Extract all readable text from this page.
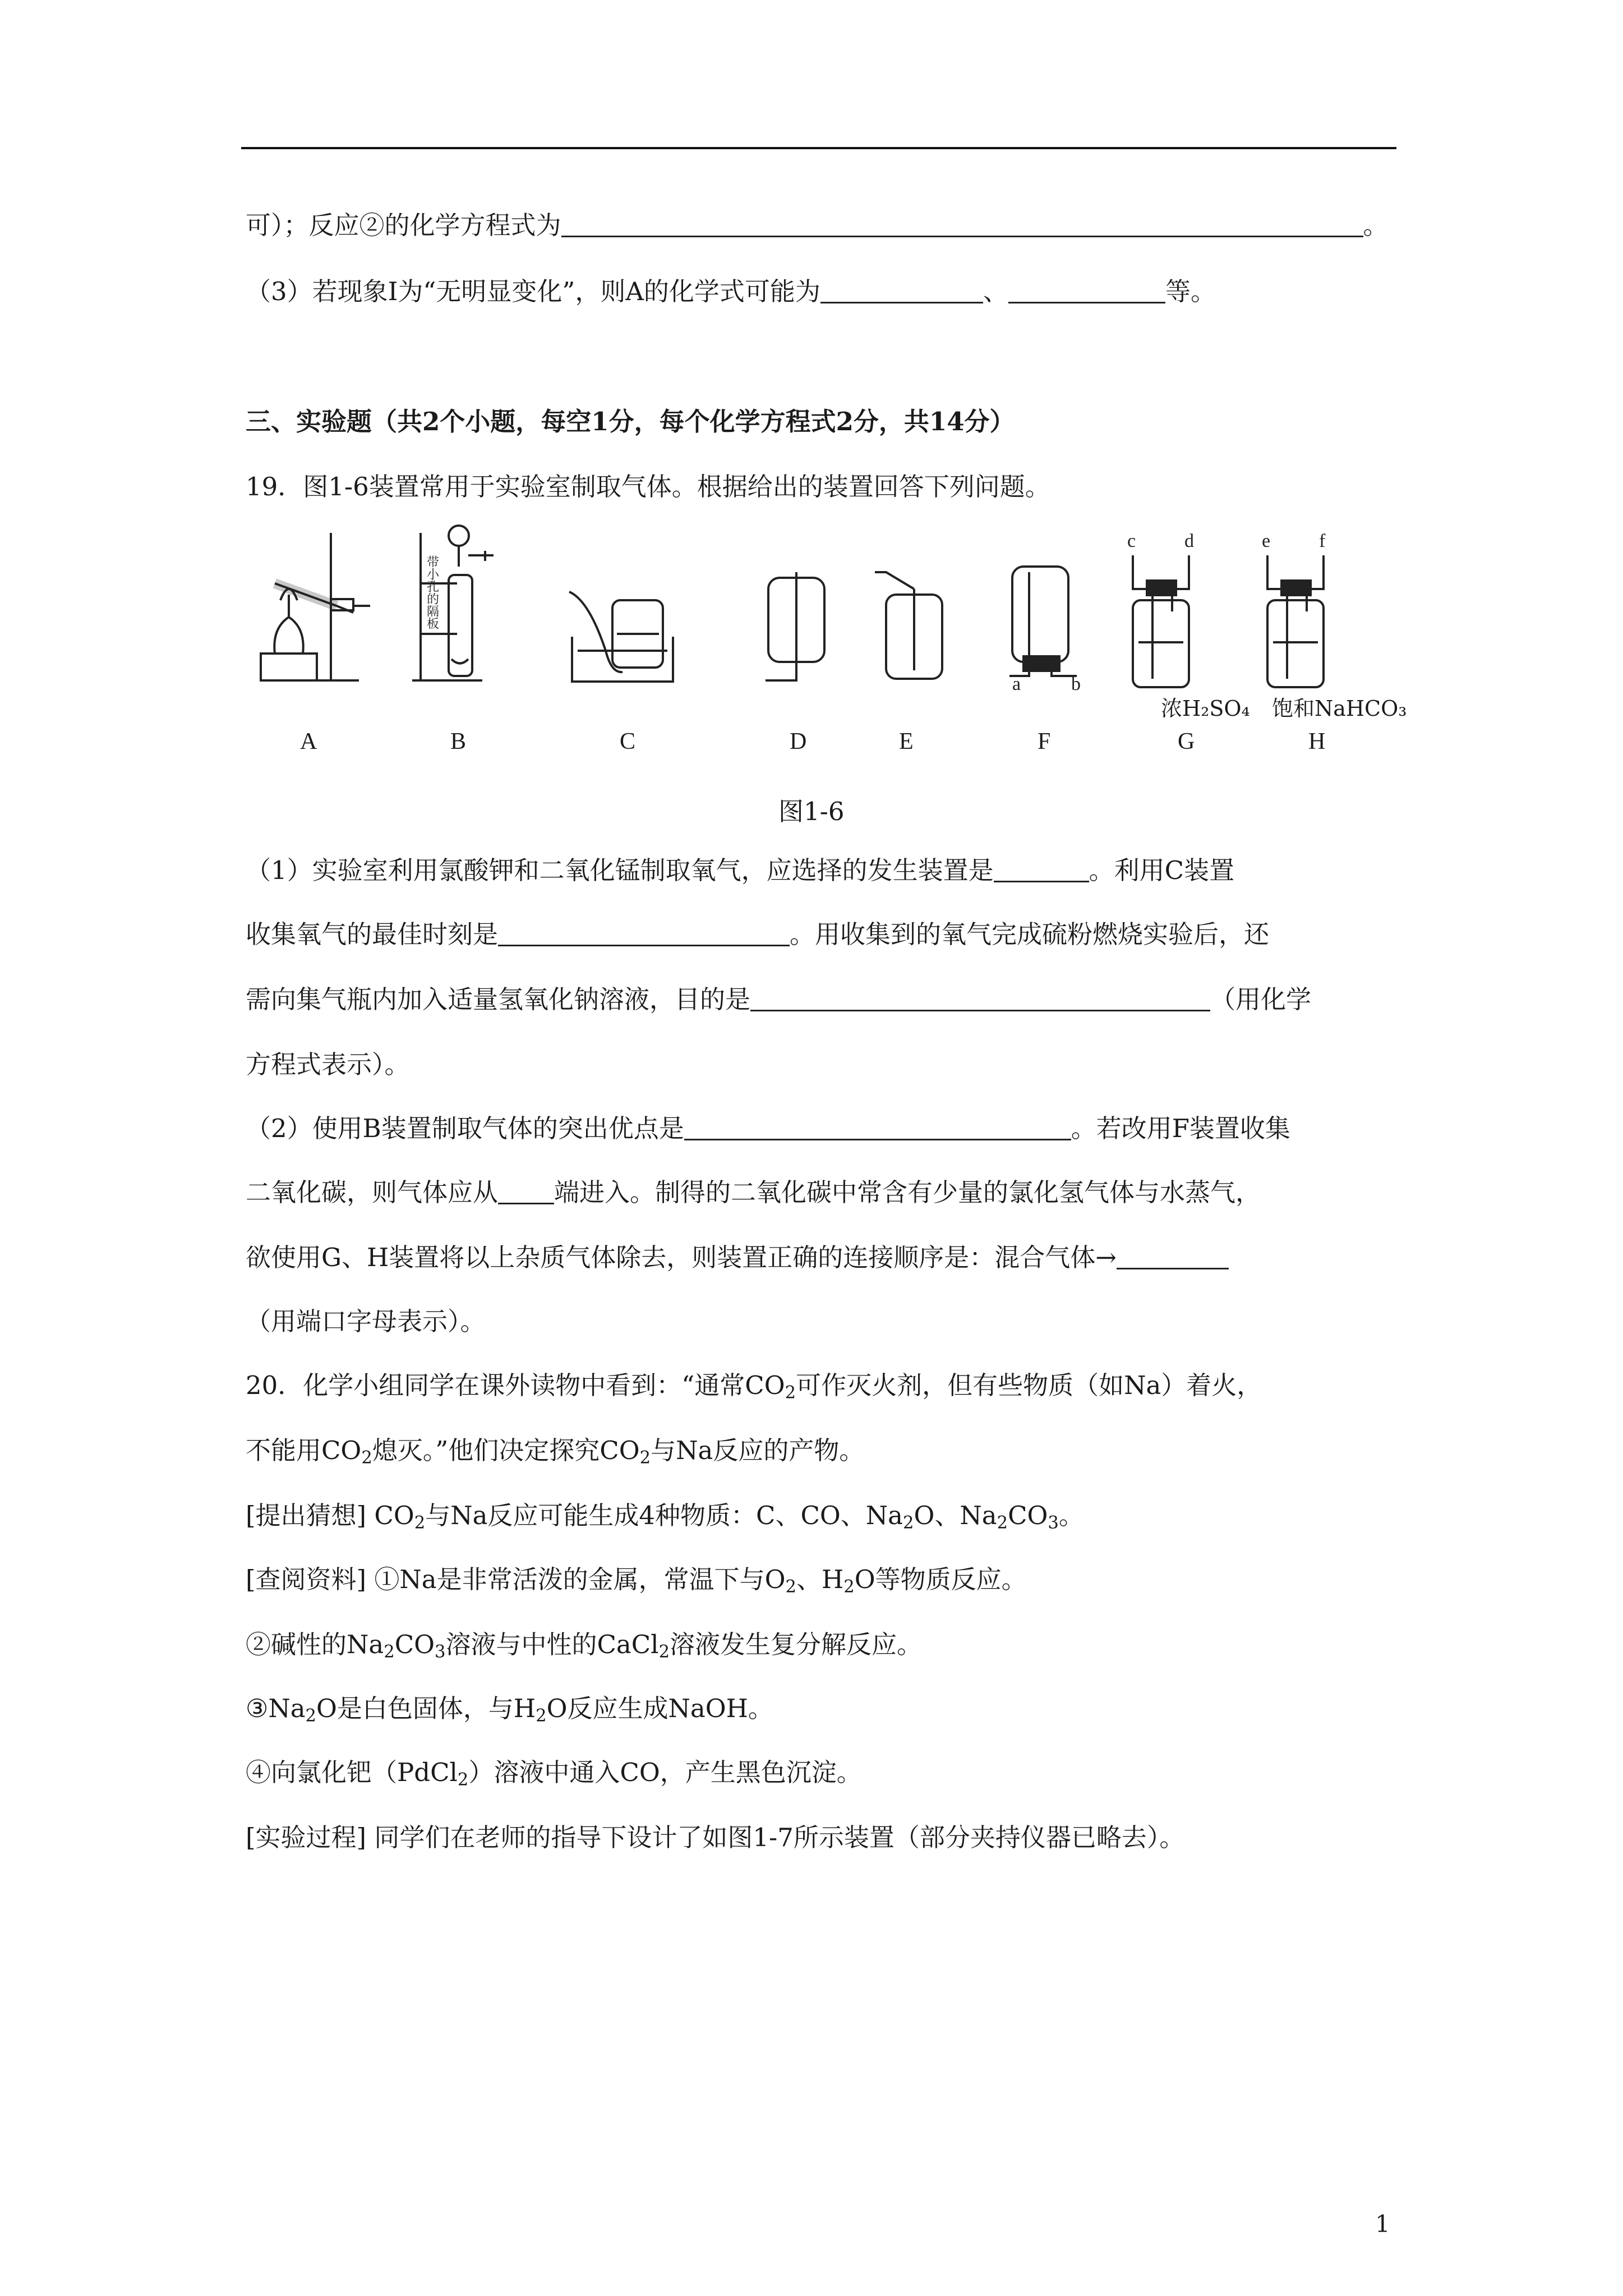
可）；反应②的化学方程式为	。
（3）若现象Ⅰ为“无明显变化”，则A的化学式可能为	、	等。
三、实验题（共2个小题，每空1分，每个化学方程式2分，共14分）
19．图1-6装置常用于实验室制取气体。根据给出的装置回答下列问题。
a	b
c	d	e	f
带小孔的隔板
浓H₂SO₄ 饱和NaHCO₃
A	B	C	D	E	F	G	H
图1-6
（1）实验室利用氯酸钾和二氧化锰制取氧气，应选择的发生装置是	。利用C装置
收集氧气的最佳时刻是	。用收集到的氧气完成硫粉燃烧实验后，还
需向集气瓶内加入适量氢氧化钠溶液，目的是	（用化学
方程式表示）。
（2）使用B装置制取气体的突出优点是	。若改用F装置收集
二氧化碳，则气体应从 端进入。制得的二氧化碳中常含有少量的氯化氢气体与水蒸气，
欲使用G、H装置将以上杂质气体除去，则装置正确的连接顺序是：混合气体→
（用端口字母表示）。
20．化学小组同学在课外读物中看到：“通常$CO_2$可作灭火剂，但有些物质（如Na）着火，
不能用$CO_2$熄灭。”他们决定探究$CO_2$与Na反应的产物。
[提出猜想] $CO_2$与Na反应可能生成4种物质：C、CO、$Na_2O$、$Na_2CO_3$。
[查阅资料] ①Na是非常活泼的金属，常温下与$O_2$、$H_2O$等物质反应。
②碱性的$Na_2CO_3$溶液与中性的CaCl$_2$溶液发生复分解反应。
$③Na_2O$是白色固体，与$H_2O$反应生成NaOH。
④向氯化钯（PdCl$_2$）溶液中通入CO，产生黑色沉淀。
[实验过程] 同学们在老师的指导下设计了如图1-7所示装置（部分夹持仪器已略去）。
1
